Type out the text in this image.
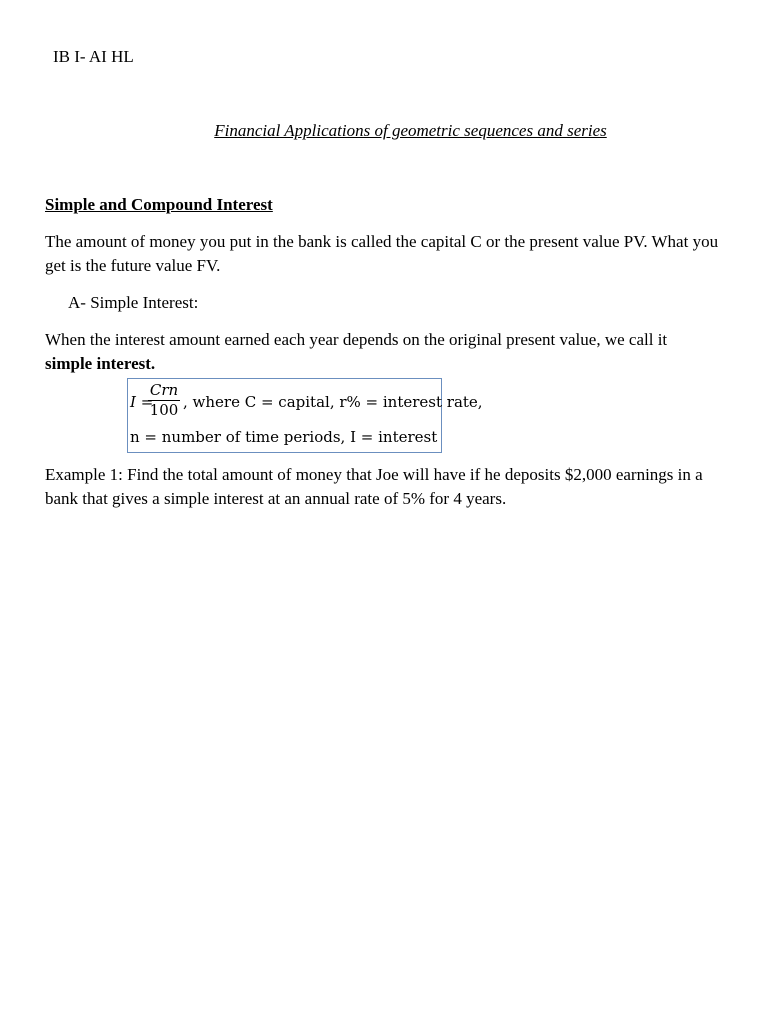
IB I- AI HL
Financial Applications of geometric sequences and series
Simple and Compound Interest
The amount of money you put in the bank is called the capital C or the present value PV. What you get is the future value FV.
A- Simple Interest:
When the interest amount earned each year depends on the original present value, we call it
simple interest.
I =
Crn
100 , where C = capital, r% = interest rate,
n = number of time periods, I = interest
Example 1: Find the total amount of money that Joe will have if he deposits $2,000 earnings in a bank that gives a simple interest at an annual rate of 5% for 4 years.
